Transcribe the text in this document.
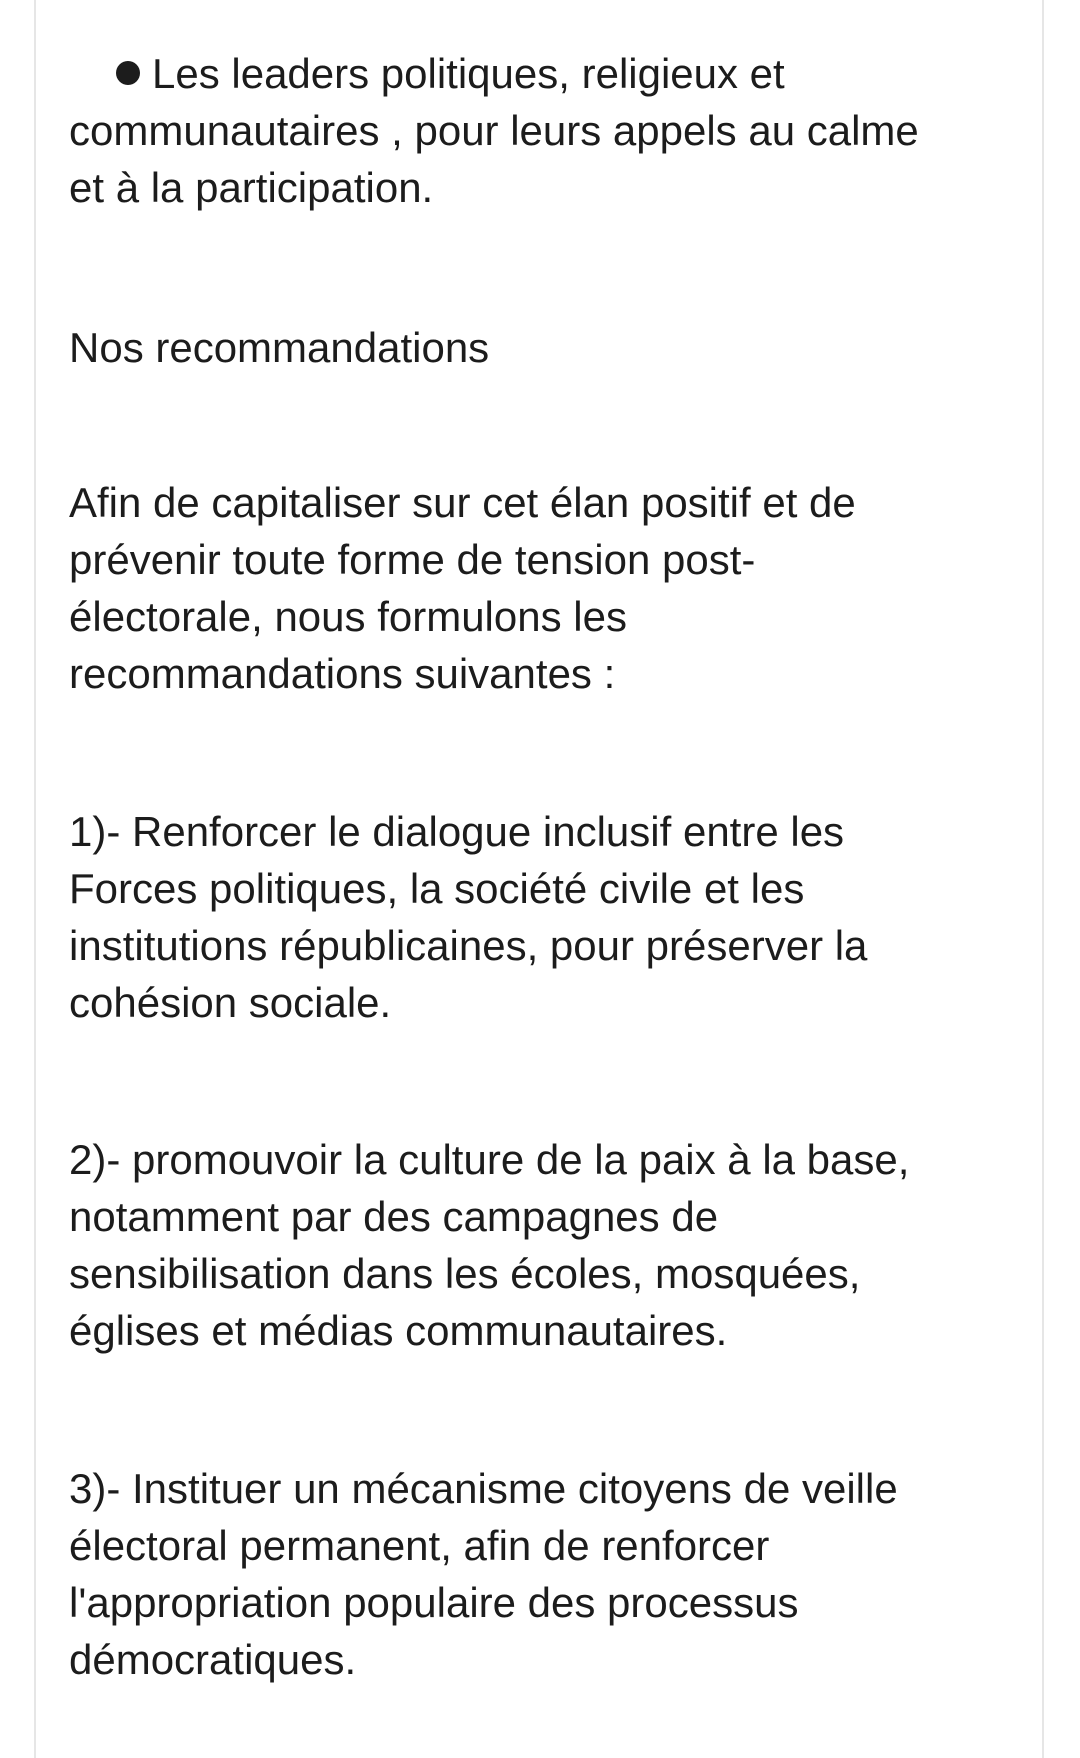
Les leaders politiques, religieux et
communautaires , pour leurs appels au calme
et à la participation.
Nos recommandations
Afin de capitaliser sur cet élan positif et de
prévenir toute forme de tension post-
électorale, nous formulons les
recommandations suivantes :
1)- Renforcer le dialogue inclusif entre les
Forces politiques, la société civile et les
institutions républicaines, pour préserver la
cohésion sociale.
2)- promouvoir la culture de la paix à la base,
notamment par des campagnes de
sensibilisation dans les écoles, mosquées,
églises et médias communautaires.
3)- Instituer un mécanisme citoyens de veille
électoral permanent, afin de renforcer
l'appropriation populaire des processus
démocratiques.
